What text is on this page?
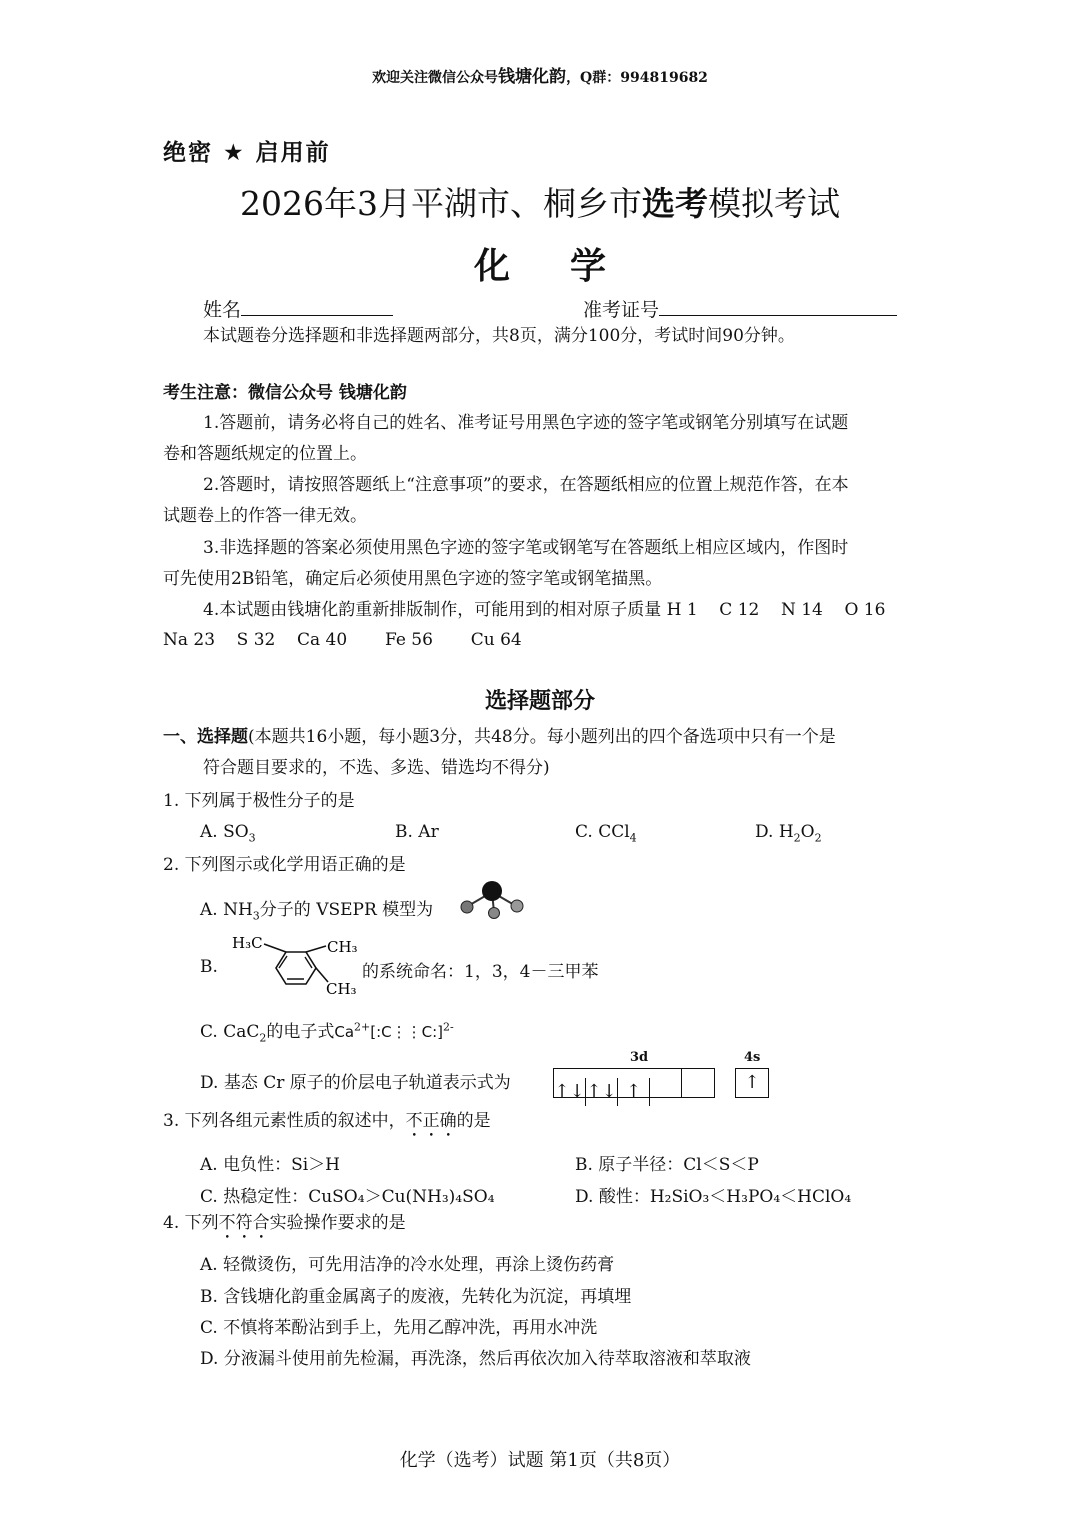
欢迎关注微信公众号钱塘化韵，Q群：994819682
绝密 ★ 启用前
2026年3月平湖市、桐乡市选考模拟考试
化学
姓名	准考证号
本试题卷分选择题和非选择题两部分，共8页，满分100分，考试时间90分钟。
考生注意：微信公众号 钱塘化韵
1.答题前，请务必将自己的姓名、准考证号用黑色字迹的签字笔或钢笔分别填写在试题
卷和答题纸规定的位置上。
2.答题时，请按照答题纸上“注意事项”的要求，在答题纸相应的位置上规范作答，在本
试题卷上的作答一律无效。
3.非选择题的答案必须使用黑色字迹的签字笔或钢笔写在答题纸上相应区域内，作图时
可先使用2B铅笔，确定后必须使用黑色字迹的签字笔或钢笔描黑。
4.本试题由钱塘化韵重新排版制作，可能用到的相对原子质量 H 1    C 12    N 14    O 16
Na 23    S 32    Ca 40       Fe 56       Cu 64
选择题部分
一、选择题(本题共16小题，每小题3分，共48分。每小题列出的四个备选项中只有一个是
符合题目要求的，不选、多选、错选均不得分)
1. 下列属于极性分子的是
A. $SO_3$	B. Ar	C. CCl$_4$	D. $H_2O_2$
2. 下列图示或化学用语正确的是
A. $NH_3$分子的 VSEPR 模型为
B.
H₃C	CH₃
CH₃
的系统命名：1，3，4－三甲苯
C. CaC$_2$的电子式$Ca^{2+}[:C⋮⋮C:]^{2-}$
D. 基态 Cr 原子的价层电子轨道表示式为
3d	4s
↑↓ ↑↓ ↑	↑
3. 下列各组元素性质的叙述中，不正确的是
A. 电负性：Si＞H	B. 原子半径：Cl＜S＜P
C. 热稳定性：CuSO₄＞Cu(NH₃)₄SO₄	D. 酸性：H₂SiO₃＜H₃PO₄＜HClO₄
4. 下列不符合实验操作要求的是
A. 轻微烫伤，可先用洁净的冷水处理，再涂上烫伤药膏
B. 含钱塘化韵重金属离子的废液，先转化为沉淀，再填埋
C. 不慎将苯酚沾到手上，先用乙醇冲洗，再用水冲洗
D. 分液漏斗使用前先检漏，再洗涤，然后再依次加入待萃取溶液和萃取液
化学（选考）试题 第1页（共8页）
